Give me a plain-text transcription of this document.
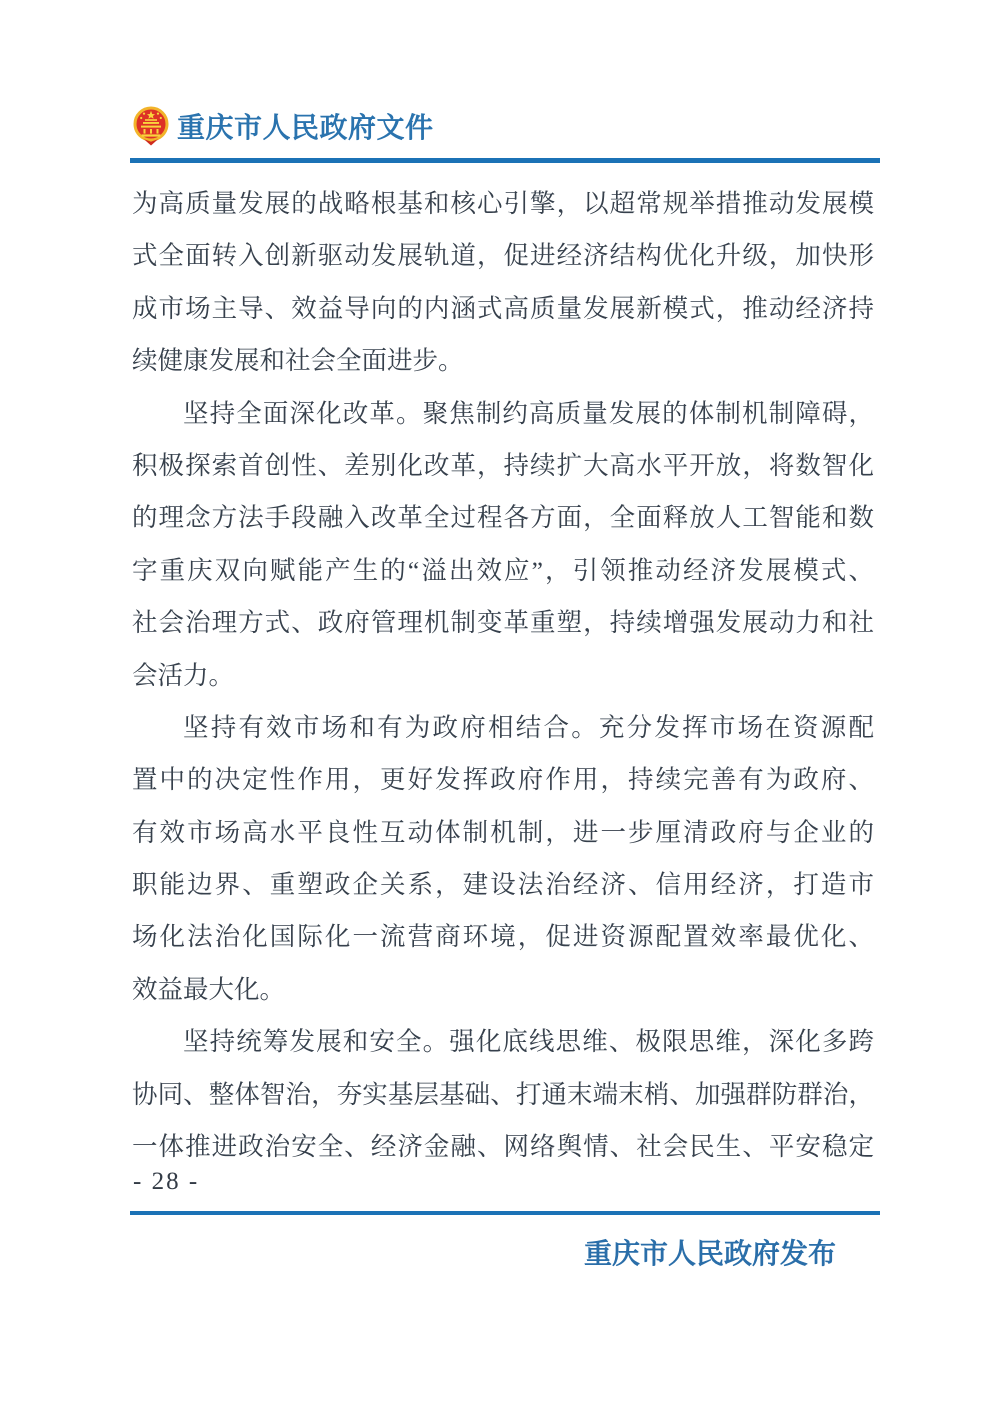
重庆市人民政府文件
为高质量发展的战略根基和核心引擎，以超常规举措推动发展模
式全面转入创新驱动发展轨道，促进经济结构优化升级，加快形
成市场主导、效益导向的内涵式高质量发展新模式，推动经济持
续健康发展和社会全面进步。
坚持全面深化改革。聚焦制约高质量发展的体制机制障碍，
积极探索首创性、差别化改革，持续扩大高水平开放，将数智化
的理念方法手段融入改革全过程各方面，全面释放人工智能和数
字重庆双向赋能产生的“溢出效应”，引领推动经济发展模式、
社会治理方式、政府管理机制变革重塑，持续增强发展动力和社
会活力。
坚持有效市场和有为政府相结合。充分发挥市场在资源配
置中的决定性作用，更好发挥政府作用，持续完善有为政府、
有效市场高水平良性互动体制机制，进一步厘清政府与企业的
职能边界、重塑政企关系，建设法治经济、信用经济，打造市
场化法治化国际化一流营商环境，促进资源配置效率最优化、
效益最大化。
坚持统筹发展和安全。强化底线思维、极限思维，深化多跨
协同、整体智治，夯实基层基础、打通末端末梢、加强群防群治，
一体推进政治安全、经济金融、网络舆情、社会民生、平安稳定
- 28 -
重庆市人民政府发布
